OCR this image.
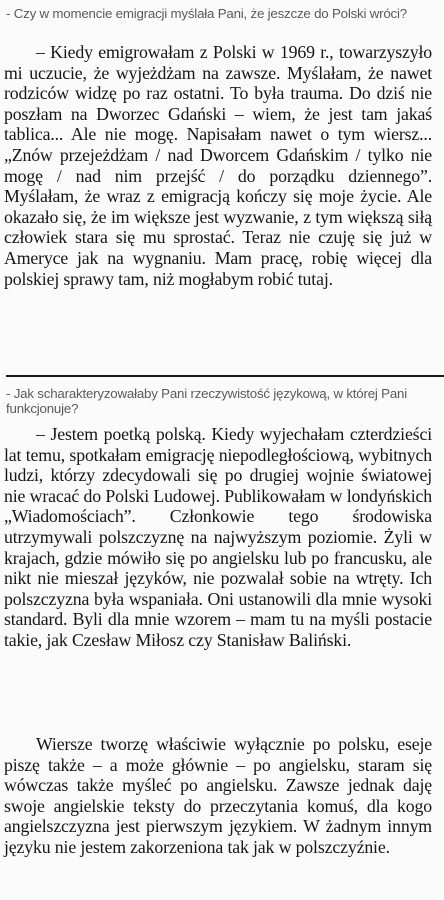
- Czy w momencie emigracji myślała Pani, że jeszcze do Polski wróci?

– Kiedy emigrowałam z Polski w 1969 r., towarzyszyło mi uczucie, że wyjeżdżam na zawsze. Myślałam, że nawet rodziców widzę po raz ostatni. To była trauma. Do dziś nie poszłam na Dworzec Gdański – wiem, że jest tam jakaś tablica... Ale nie mogę. Napisałam nawet o tym wiersz... „Znów przejeżdżam / nad Dworcem Gdańskim / tylko nie mogę / nad nim przejść / do porządku dziennego”. Myślałam, że wraz z emigracją kończy się moje życie. Ale okazało się, że im większe jest wyzwanie, z tym większą siłą człowiek stara się mu sprostać. Teraz nie czuję się już w Ameryce jak na wygnaniu. Mam pracę, robię więcej dla polskiej sprawy tam, niż mogłabym robić tutaj.

- Jak scharakteryzowałaby Pani rzeczywistość językową, w której Pani funkcjonuje?

– Jestem poetką polską. Kiedy wyjechałam czterdzieści lat temu, spotkałam emigrację niepodległościową, wybitnych ludzi, którzy zdecydowali się po drugiej wojnie światowej nie wracać do Polski Ludowej. Publikowałam w londyńskich „Wiadomościach”. Członkowie tego środowiska utrzymywali polszczyznę na najwyższym poziomie. Żyli w krajach, gdzie mówiło się po angielsku lub po francusku, ale nikt nie mieszał języków, nie pozwalał sobie na wtręty. Ich polszczyzna była wspaniała. Oni ustanowili dla mnie wysoki standard. Byli dla mnie wzorem – mam tu na myśli postacie takie, jak Czesław Miłosz czy Stanisław Baliński.

Wiersze tworzę właściwie wyłącznie po polsku, eseje piszę także – a może głównie – po angielsku, staram się wówczas także myśleć po angielsku. Zawsze jednak daję swoje angielskie teksty do przeczytania komuś, dla kogo angielszczyzna jest pierwszym językiem. W żadnym innym języku nie jestem zakorzeniona tak jak w polszczyźnie.
